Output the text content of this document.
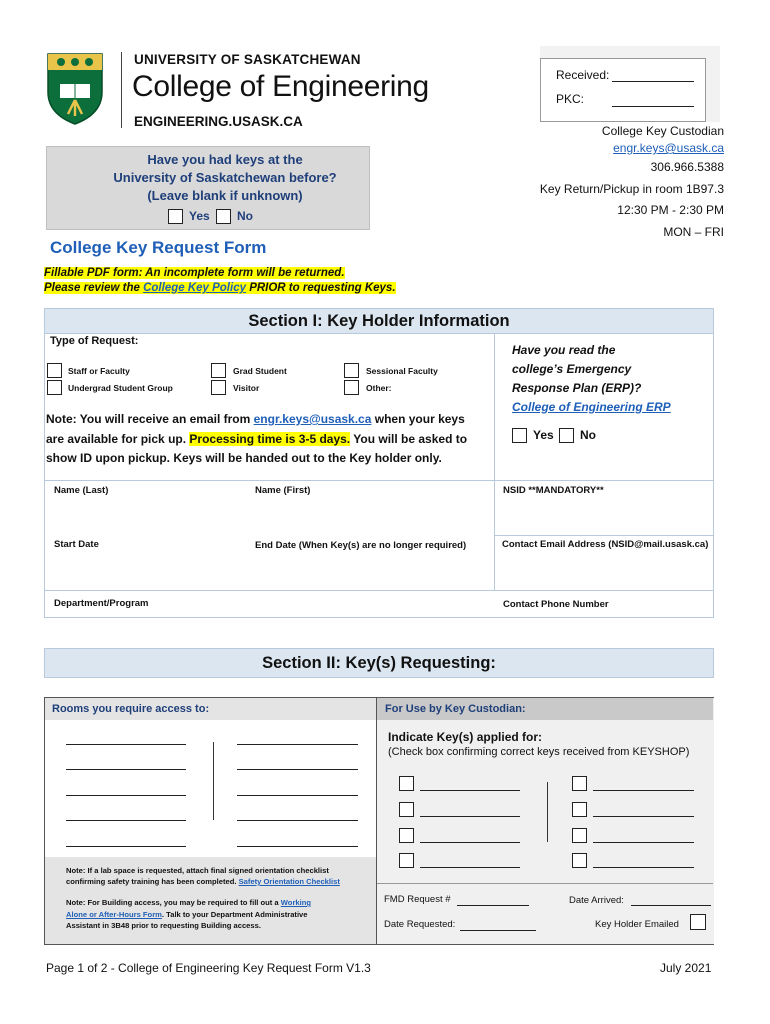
UNIVERSITY OF SASKATCHEWAN
College of Engineering
ENGINEERING.USASK.CA
Received:
PKC:
College Key Custodian
engr.keys@usask.ca
306.966.5388
Key Return/Pickup in room 1B97.3
12:30 PM - 2:30 PM
MON – FRI
Have you had keys at the
University of Saskatchewan before?
(Leave blank if unknown)
Yes No
College Key Request Form
Fillable PDF form: An incomplete form will be returned.
Please review the College Key Policy PRIOR to requesting Keys.
Section I: Key Holder Information
Type of Request:
Staff or Faculty
Undergrad Student Group
Grad Student
Visitor
Sessional Faculty
Other:
Have you read the
college’s Emergency
Response Plan (ERP)?
College of Engineering ERP
Yes No
Note: You will receive an email from engr.keys@usask.ca when your keys
are available for pick up. Processing time is 3-5 days. You will be asked to
show ID upon pickup. Keys will be handed out to the Key holder only.
Name (Last)	Name (First)	NSID **MANDATORY**
Start Date	End Date (When Key(s) are no longer required)	Contact Email Address (NSID@mail.usask.ca)
Department/Program	Contact Phone Number
Section II: Key(s) Requesting:
Rooms you require access to:
Note: If a lab space is requested, attach final signed orientation checklist
confirming safety training has been completed. Safety Orientation Checklist
Note: For Building access, you may be required to fill out a Working
Alone or After-Hours Form. Talk to your Department Administrative
Assistant in 3B48 prior to requesting Building access.
For Use by Key Custodian:
Indicate Key(s) applied for:
(Check box confirming correct keys received from KEYSHOP)
FMD Request #	Date Arrived:
Date Requested:	Key Holder Emailed
Page 1 of 2 - College of Engineering Key Request Form V1.3	July 2021
